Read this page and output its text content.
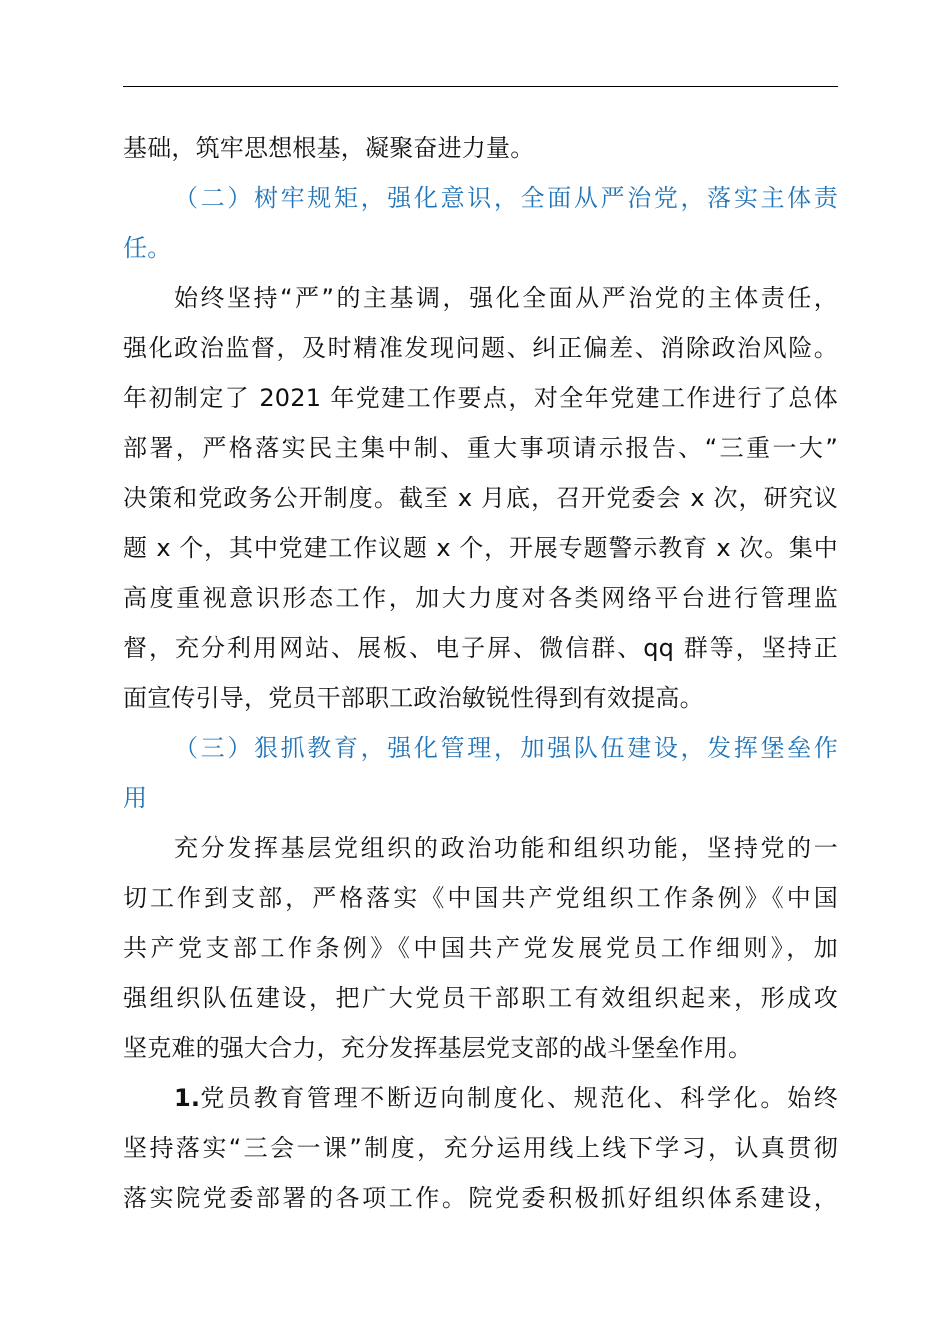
基础，筑牢思想根基，凝聚奋进力量。
（二）树牢规矩，强化意识，全面从严治党，落实主体责
任。
始终坚持“严”的主基调，强化全面从严治党的主体责任，
强化政治监督，及时精准发现问题、纠正偏差、消除政治风险。
年初制定了 2021 年党建工作要点，对全年党建工作进行了总体
部署，严格落实民主集中制、重大事项请示报告、“三重一大”
决策和党政务公开制度。截至 x 月底，召开党委会 x 次，研究议
题 x 个，其中党建工作议题 x 个，开展专题警示教育 x 次。集中
高度重视意识形态工作，加大力度对各类网络平台进行管理监
督，充分利用网站、展板、电子屏、微信群、qq 群等，坚持正
面宣传引导，党员干部职工政治敏锐性得到有效提高。
（三）狠抓教育，强化管理，加强队伍建设，发挥堡垒作
用
充分发挥基层党组织的政治功能和组织功能，坚持党的一
切工作到支部，严格落实《中国共产党组织工作条例》《中国
共产党支部工作条例》《中国共产党发展党员工作细则》，加
强组织队伍建设，把广大党员干部职工有效组织起来，形成攻
坚克难的强大合力，充分发挥基层党支部的战斗堡垒作用。
1. 党员教育管理不断迈向制度化、规范化、科学化。始终
坚持落实“三会一课”制度，充分运用线上线下学习，认真贯彻
落实院党委部署的各项工作。院党委积极抓好组织体系建设，
